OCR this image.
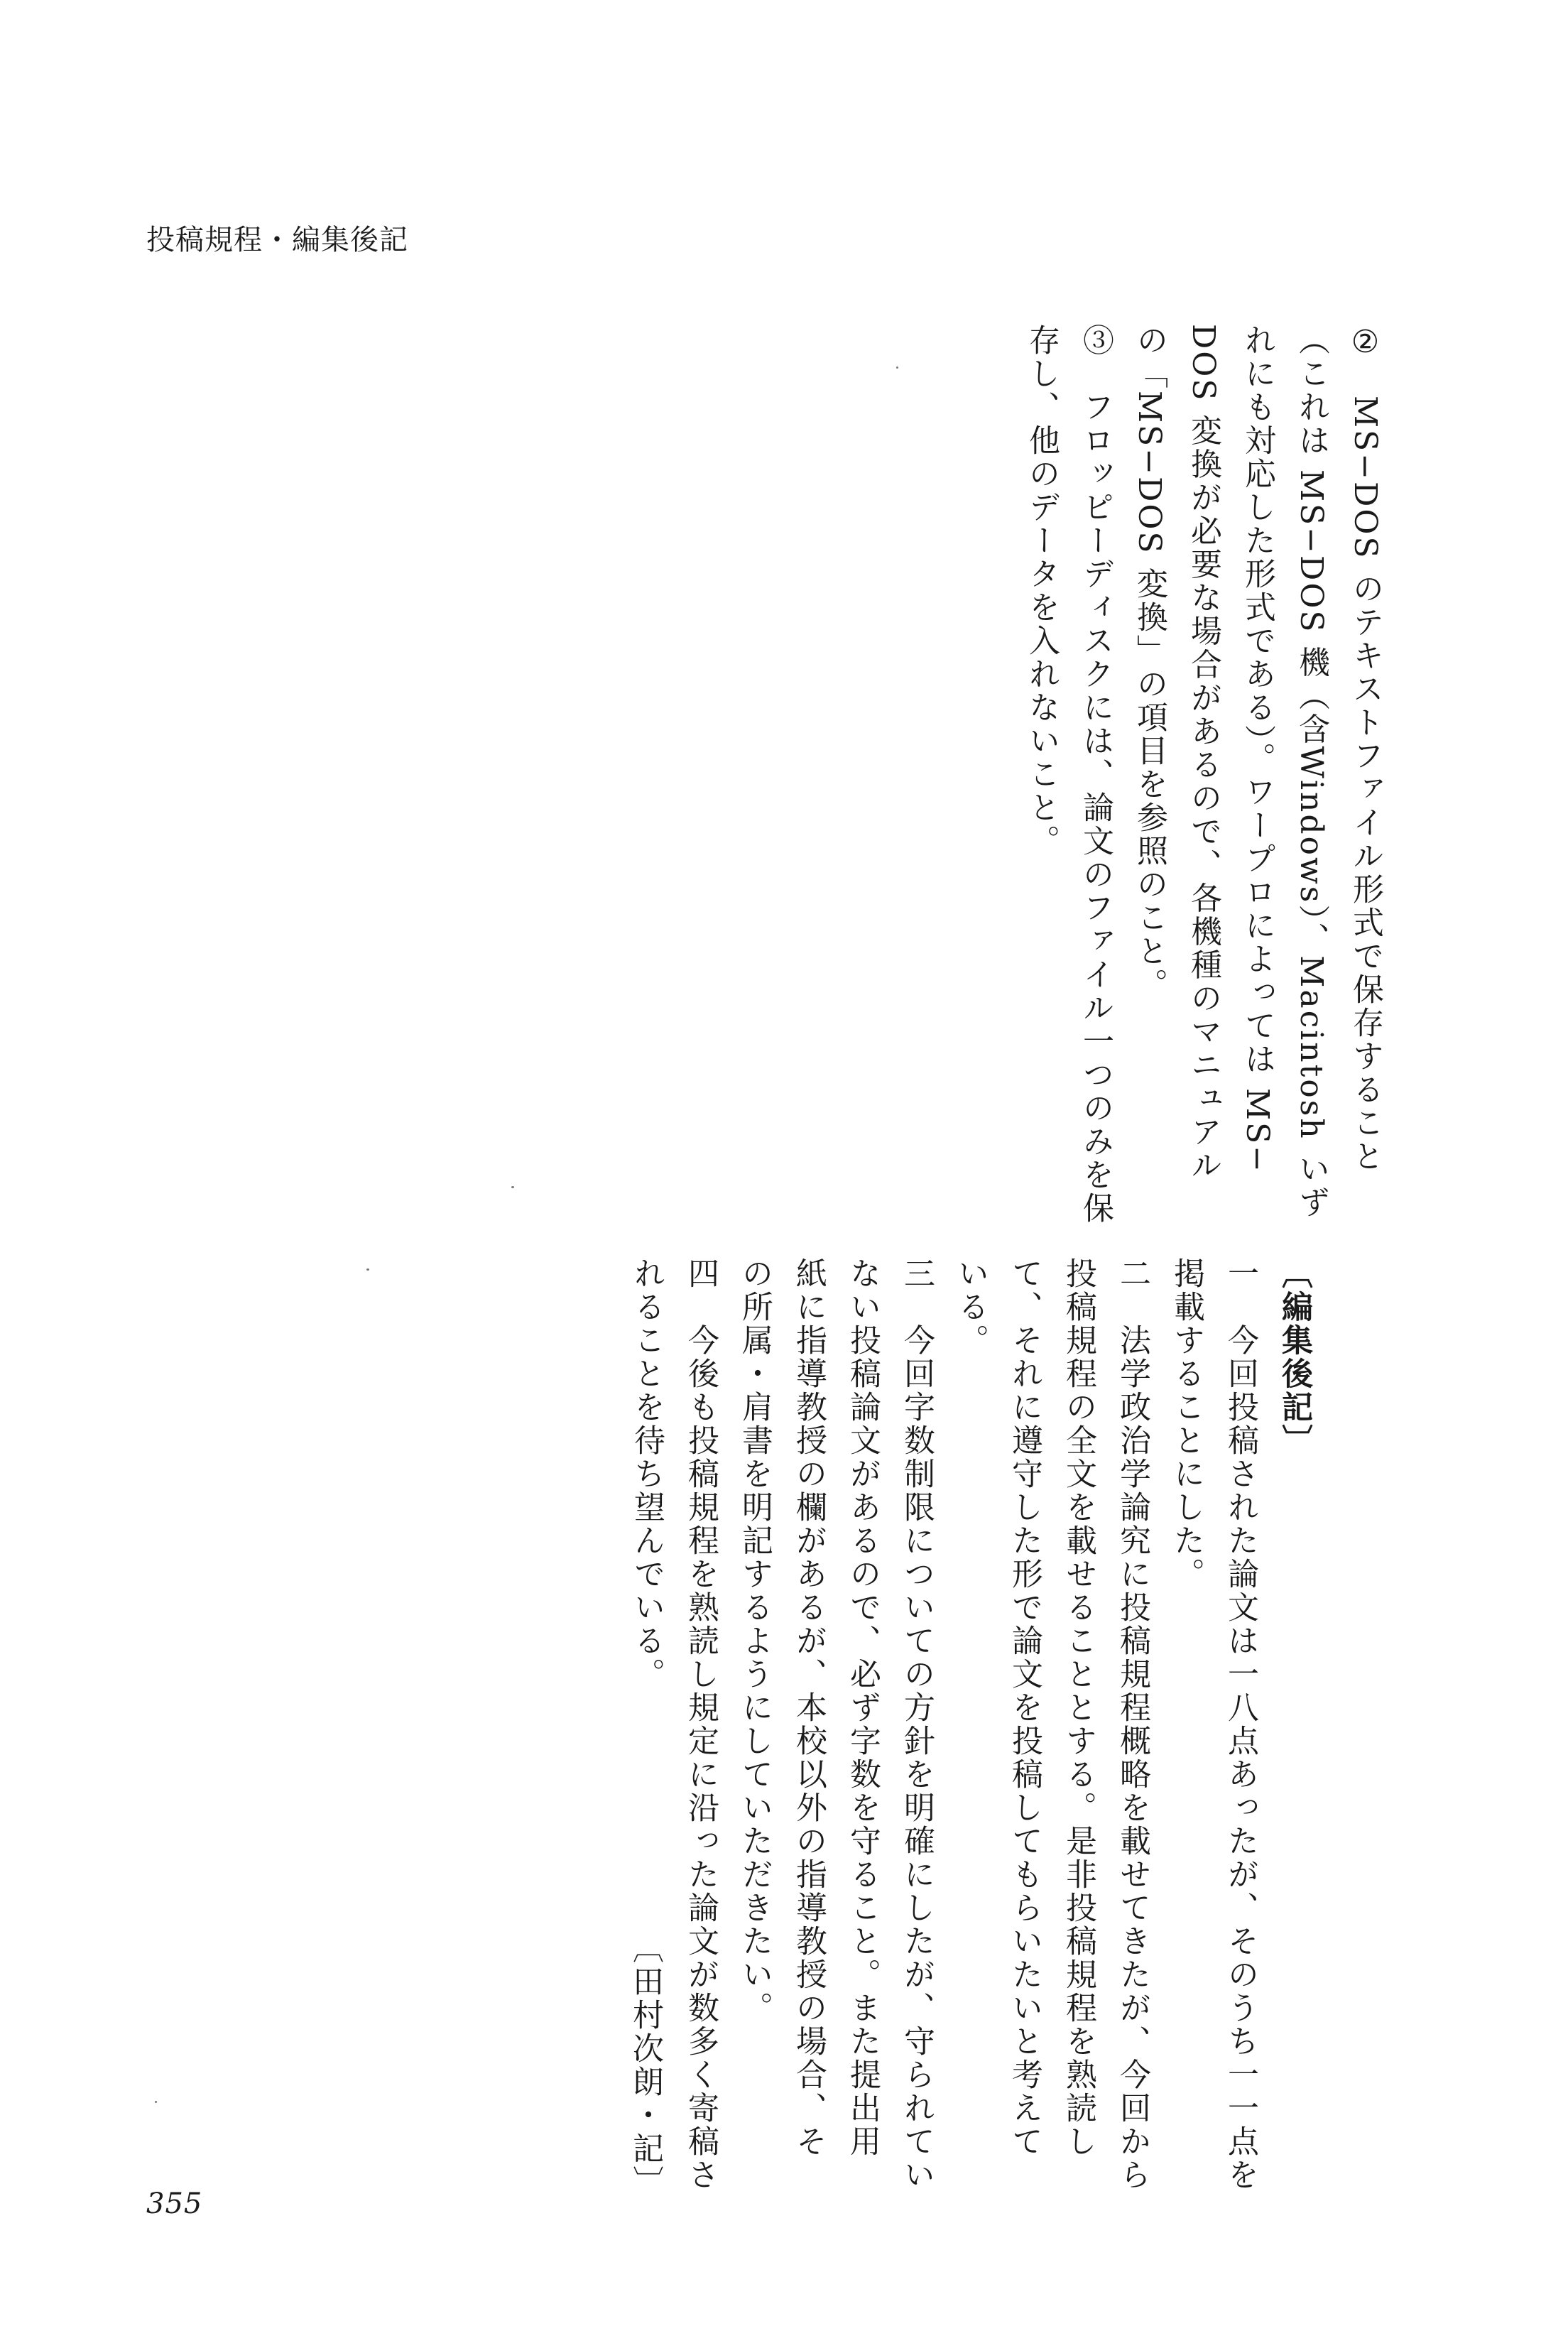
投稿規程・編集後記
②　MS−DOS のテキストファイル形式で保存すること
（これは MS−DOS 機（含Windows）、Macintosh いず
れにも対応した形式である）。ワープロによっては MS−
DOS 変換が必要な場合があるので、各機種のマニュアル
の「MS−DOS 変換」の項目を参照のこと。
③　フロッピーディスクには、論文のファイル一つのみを保
存し、他のデータを入れないこと。
〔編集後記〕
一　今回投稿された論文は一八点あったが、そのうち一一点を
掲載することにした。
二　法学政治学論究に投稿規程概略を載せてきたが、今回から
投稿規程の全文を載せることとする。是非投稿規程を熟読し
て、それに遵守した形で論文を投稿してもらいたいと考えて
いる。
三　今回字数制限についての方針を明確にしたが、守られてい
ない投稿論文があるので、必ず字数を守ること。また提出用
紙に指導教授の欄があるが、本校以外の指導教授の場合、そ
の所属・肩書を明記するようにしていただきたい。
四　今後も投稿規程を熟読し規定に沿った論文が数多く寄稿さ
れることを待ち望んでいる。
〔田村次朗・記〕
355
